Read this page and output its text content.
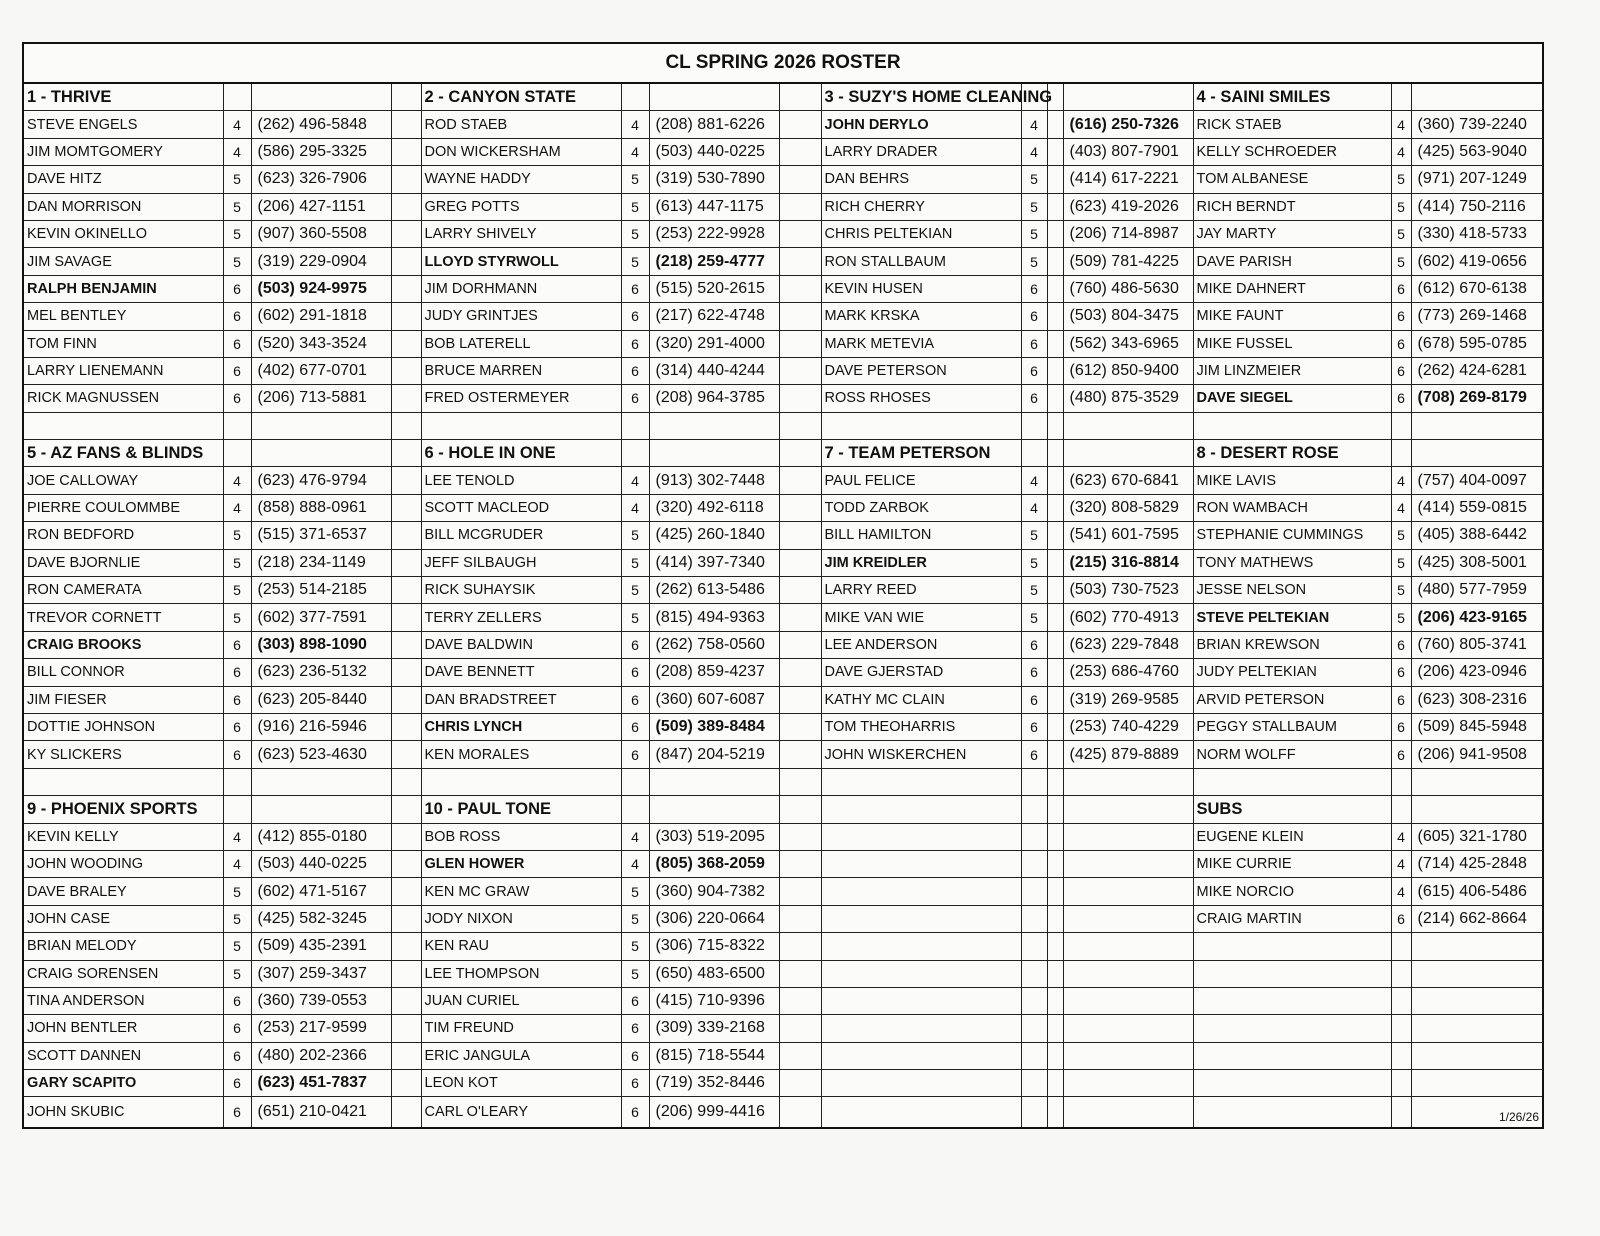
CL SPRING 2026 ROSTER
1 - THRIVE				2 - CANYON STATE				3 - SUZY'S HOME CLEANING				4 - SAINI SMILES		
STEVE ENGELS	4	(262) 496-5848		ROD STAEB	4	(208) 881-6226		JOHN DERYLO	4		(616) 250-7326	RICK STAEB	4	(360) 739-2240
JIM MOMTGOMERY	4	(586) 295-3325		DON WICKERSHAM	4	(503) 440-0225		LARRY DRADER	4		(403) 807-7901	KELLY SCHROEDER	4	(425) 563-9040
DAVE HITZ	5	(623) 326-7906		WAYNE HADDY	5	(319) 530-7890		DAN BEHRS	5		(414) 617-2221	TOM ALBANESE	5	(971) 207-1249
DAN MORRISON	5	(206) 427-1151		GREG POTTS	5	(613) 447-1175		RICH CHERRY	5		(623) 419-2026	RICH BERNDT	5	(414) 750-2116
KEVIN OKINELLO	5	(907) 360-5508		LARRY SHIVELY	5	(253) 222-9928		CHRIS PELTEKIAN	5		(206) 714-8987	JAY MARTY	5	(330) 418-5733
JIM SAVAGE	5	(319) 229-0904		LLOYD STYRWOLL	5	(218) 259-4777		RON STALLBAUM	5		(509) 781-4225	DAVE PARISH	5	(602) 419-0656
RALPH BENJAMIN	6	(503) 924-9975		JIM DORHMANN	6	(515) 520-2615		KEVIN HUSEN	6		(760) 486-5630	MIKE DAHNERT	6	(612) 670-6138
MEL BENTLEY	6	(602) 291-1818		JUDY GRINTJES	6	(217) 622-4748		MARK KRSKA	6		(503) 804-3475	MIKE FAUNT	6	(773) 269-1468
TOM FINN	6	(520) 343-3524		BOB LATERELL	6	(320) 291-4000		MARK METEVIA	6		(562) 343-6965	MIKE FUSSEL	6	(678) 595-0785
LARRY LIENEMANN	6	(402) 677-0701		BRUCE MARREN	6	(314) 440-4244		DAVE PETERSON	6		(612) 850-9400	JIM LINZMEIER	6	(262) 424-6281
RICK MAGNUSSEN	6	(206) 713-5881		FRED OSTERMEYER	6	(208) 964-3785		ROSS RHOSES	6		(480) 875-3529	DAVE SIEGEL	6	(708) 269-8179

5 - AZ FANS & BLINDS				6 - HOLE IN ONE				7 - TEAM PETERSON				8 - DESERT ROSE		
JOE CALLOWAY	4	(623) 476-9794		LEE TENOLD	4	(913) 302-7448		PAUL FELICE	4		(623) 670-6841	MIKE LAVIS	4	(757) 404-0097
PIERRE COULOMMBE	4	(858) 888-0961		SCOTT MACLEOD	4	(320) 492-6118		TODD ZARBOK	4		(320) 808-5829	RON WAMBACH	4	(414) 559-0815
RON BEDFORD	5	(515) 371-6537		BILL MCGRUDER	5	(425) 260-1840		BILL HAMILTON	5		(541) 601-7595	STEPHANIE CUMMINGS	5	(405) 388-6442
DAVE BJORNLIE	5	(218) 234-1149		JEFF SILBAUGH	5	(414) 397-7340		JIM KREIDLER	5		(215) 316-8814	TONY MATHEWS	5	(425) 308-5001
RON CAMERATA	5	(253) 514-2185		RICK SUHAYSIK	5	(262) 613-5486		LARRY REED	5		(503) 730-7523	JESSE NELSON	5	(480) 577-7959
TREVOR CORNETT	5	(602) 377-7591		TERRY ZELLERS	5	(815) 494-9363		MIKE VAN WIE	5		(602) 770-4913	STEVE PELTEKIAN	5	(206) 423-9165
CRAIG BROOKS	6	(303) 898-1090		DAVE BALDWIN	6	(262) 758-0560		LEE ANDERSON	6		(623) 229-7848	BRIAN KREWSON	6	(760) 805-3741
BILL CONNOR	6	(623) 236-5132		DAVE BENNETT	6	(208) 859-4237		DAVE GJERSTAD	6		(253) 686-4760	JUDY PELTEKIAN	6	(206) 423-0946
JIM FIESER	6	(623) 205-8440		DAN BRADSTREET	6	(360) 607-6087		KATHY MC CLAIN	6		(319) 269-9585	ARVID PETERSON	6	(623) 308-2316
DOTTIE JOHNSON	6	(916) 216-5946		CHRIS LYNCH	6	(509) 389-8484		TOM THEOHARRIS	6		(253) 740-4229	PEGGY STALLBAUM	6	(509) 845-5948
KY SLICKERS	6	(623) 523-4630		KEN MORALES	6	(847) 204-5219		JOHN WISKERCHEN	6		(425) 879-8889	NORM WOLFF	6	(206) 941-9508

9 - PHOENIX SPORTS				10 - PAUL TONE								SUBS		
KEVIN KELLY	4	(412) 855-0180		BOB ROSS	4	(303) 519-2095						EUGENE KLEIN	4	(605) 321-1780
JOHN WOODING	4	(503) 440-0225		GLEN HOWER	4	(805) 368-2059						MIKE CURRIE	4	(714) 425-2848
DAVE BRALEY	5	(602) 471-5167		KEN MC GRAW	5	(360) 904-7382						MIKE NORCIO	4	(615) 406-5486
JOHN CASE	5	(425) 582-3245		JODY NIXON	5	(306) 220-0664						CRAIG MARTIN	6	(214) 662-8664
BRIAN MELODY	5	(509) 435-2391		KEN RAU	5	(306) 715-8322								
CRAIG SORENSEN	5	(307) 259-3437		LEE THOMPSON	5	(650) 483-6500								
TINA ANDERSON	6	(360) 739-0553		JUAN CURIEL	6	(415) 710-9396								
JOHN BENTLER	6	(253) 217-9599		TIM FREUND	6	(309) 339-2168								
SCOTT DANNEN	6	(480) 202-2366		ERIC JANGULA	6	(815) 718-5544								
GARY SCAPITO	6	(623) 451-7837		LEON KOT	6	(719) 352-8446								
JOHN SKUBIC	6	(651) 210-0421		CARL O'LEARY	6	(206) 999-4416								1/26/26
